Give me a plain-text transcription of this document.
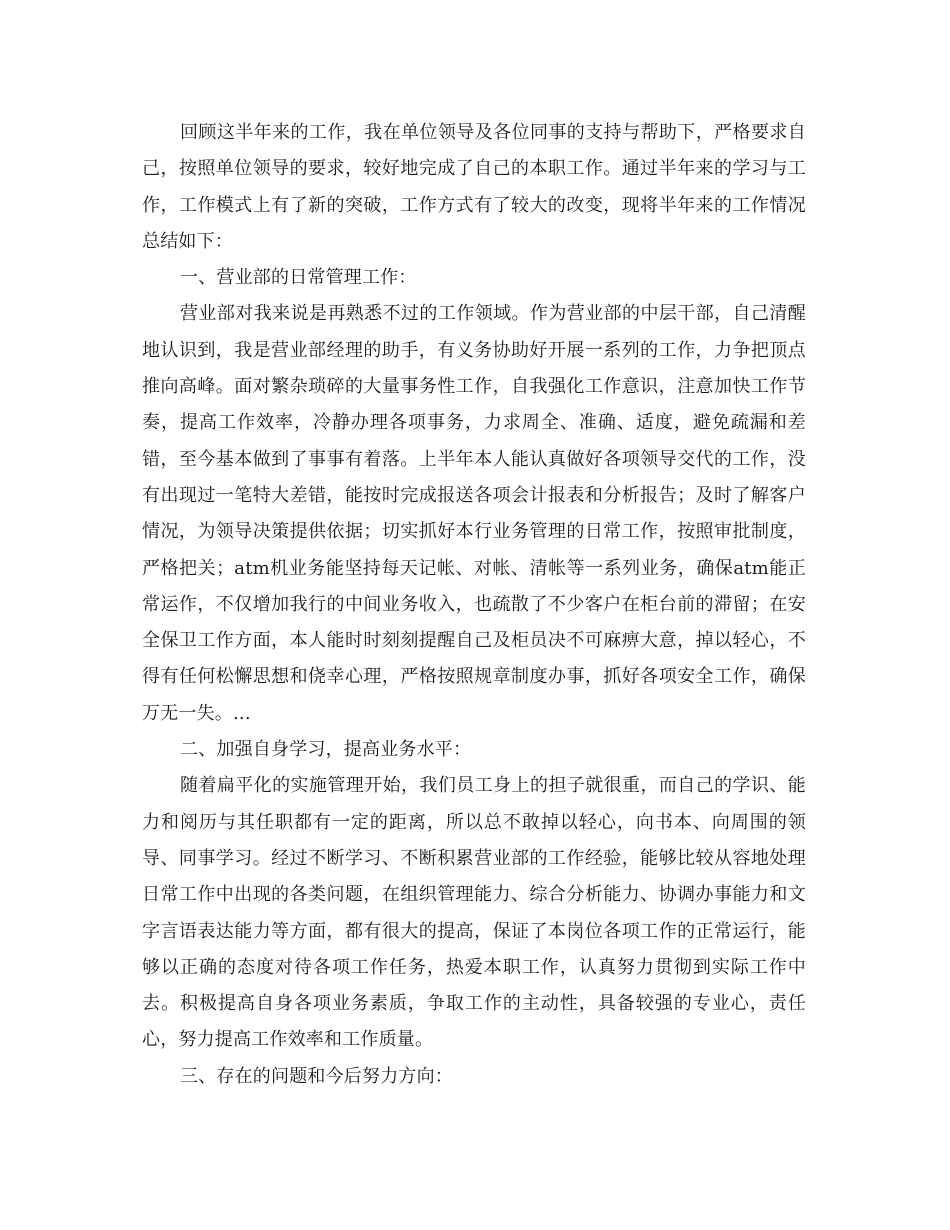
回顾这半年来的工作，我在单位领导及各位同事的支持与帮助下，严格要求自己，按照单位领导的要求，较好地完成了自己的本职工作。通过半年来的学习与工作，工作模式上有了新的突破，工作方式有了较大的改变，现将半年来的工作情况总结如下：

一、营业部的日常管理工作：

营业部对我来说是再熟悉不过的工作领域。作为营业部的中层干部，自己清醒地认识到，我是营业部经理的助手，有义务协助好开展一系列的工作，力争把顶点推向高峰。面对繁杂琐碎的大量事务性工作，自我强化工作意识，注意加快工作节奏，提高工作效率，冷静办理各项事务，力求周全、准确、适度，避免疏漏和差错，至今基本做到了事事有着落。上半年本人能认真做好各项领导交代的工作，没有出现过一笔特大差错，能按时完成报送各项会计报表和分析报告；及时了解客户情况，为领导决策提供依据；切实抓好本行业务管理的日常工作，按照审批制度，严格把关；atm机业务能坚持每天记帐、对帐、清帐等一系列业务，确保atm能正常运作，不仅增加我行的中间业务收入，也疏散了不少客户在柜台前的滞留；在安全保卫工作方面，本人能时时刻刻提醒自己及柜员决不可麻痹大意，掉以轻心，不得有任何松懈思想和侥幸心理，严格按照规章制度办事，抓好各项安全工作，确保万无一失。...

二、加强自身学习，提高业务水平：

随着扁平化的实施管理开始，我们员工身上的担子就很重，而自己的学识、能力和阅历与其任职都有一定的距离，所以总不敢掉以轻心，向书本、向周围的领导、同事学习。经过不断学习、不断积累营业部的工作经验，能够比较从容地处理日常工作中出现的各类问题，在组织管理能力、综合分析能力、协调办事能力和文字言语表达能力等方面，都有很大的提高，保证了本岗位各项工作的正常运行，能够以正确的态度对待各项工作任务，热爱本职工作，认真努力贯彻到实际工作中去。积极提高自身各项业务素质，争取工作的主动性，具备较强的专业心，责任心，努力提高工作效率和工作质量。

三、存在的问题和今后努力方向：
